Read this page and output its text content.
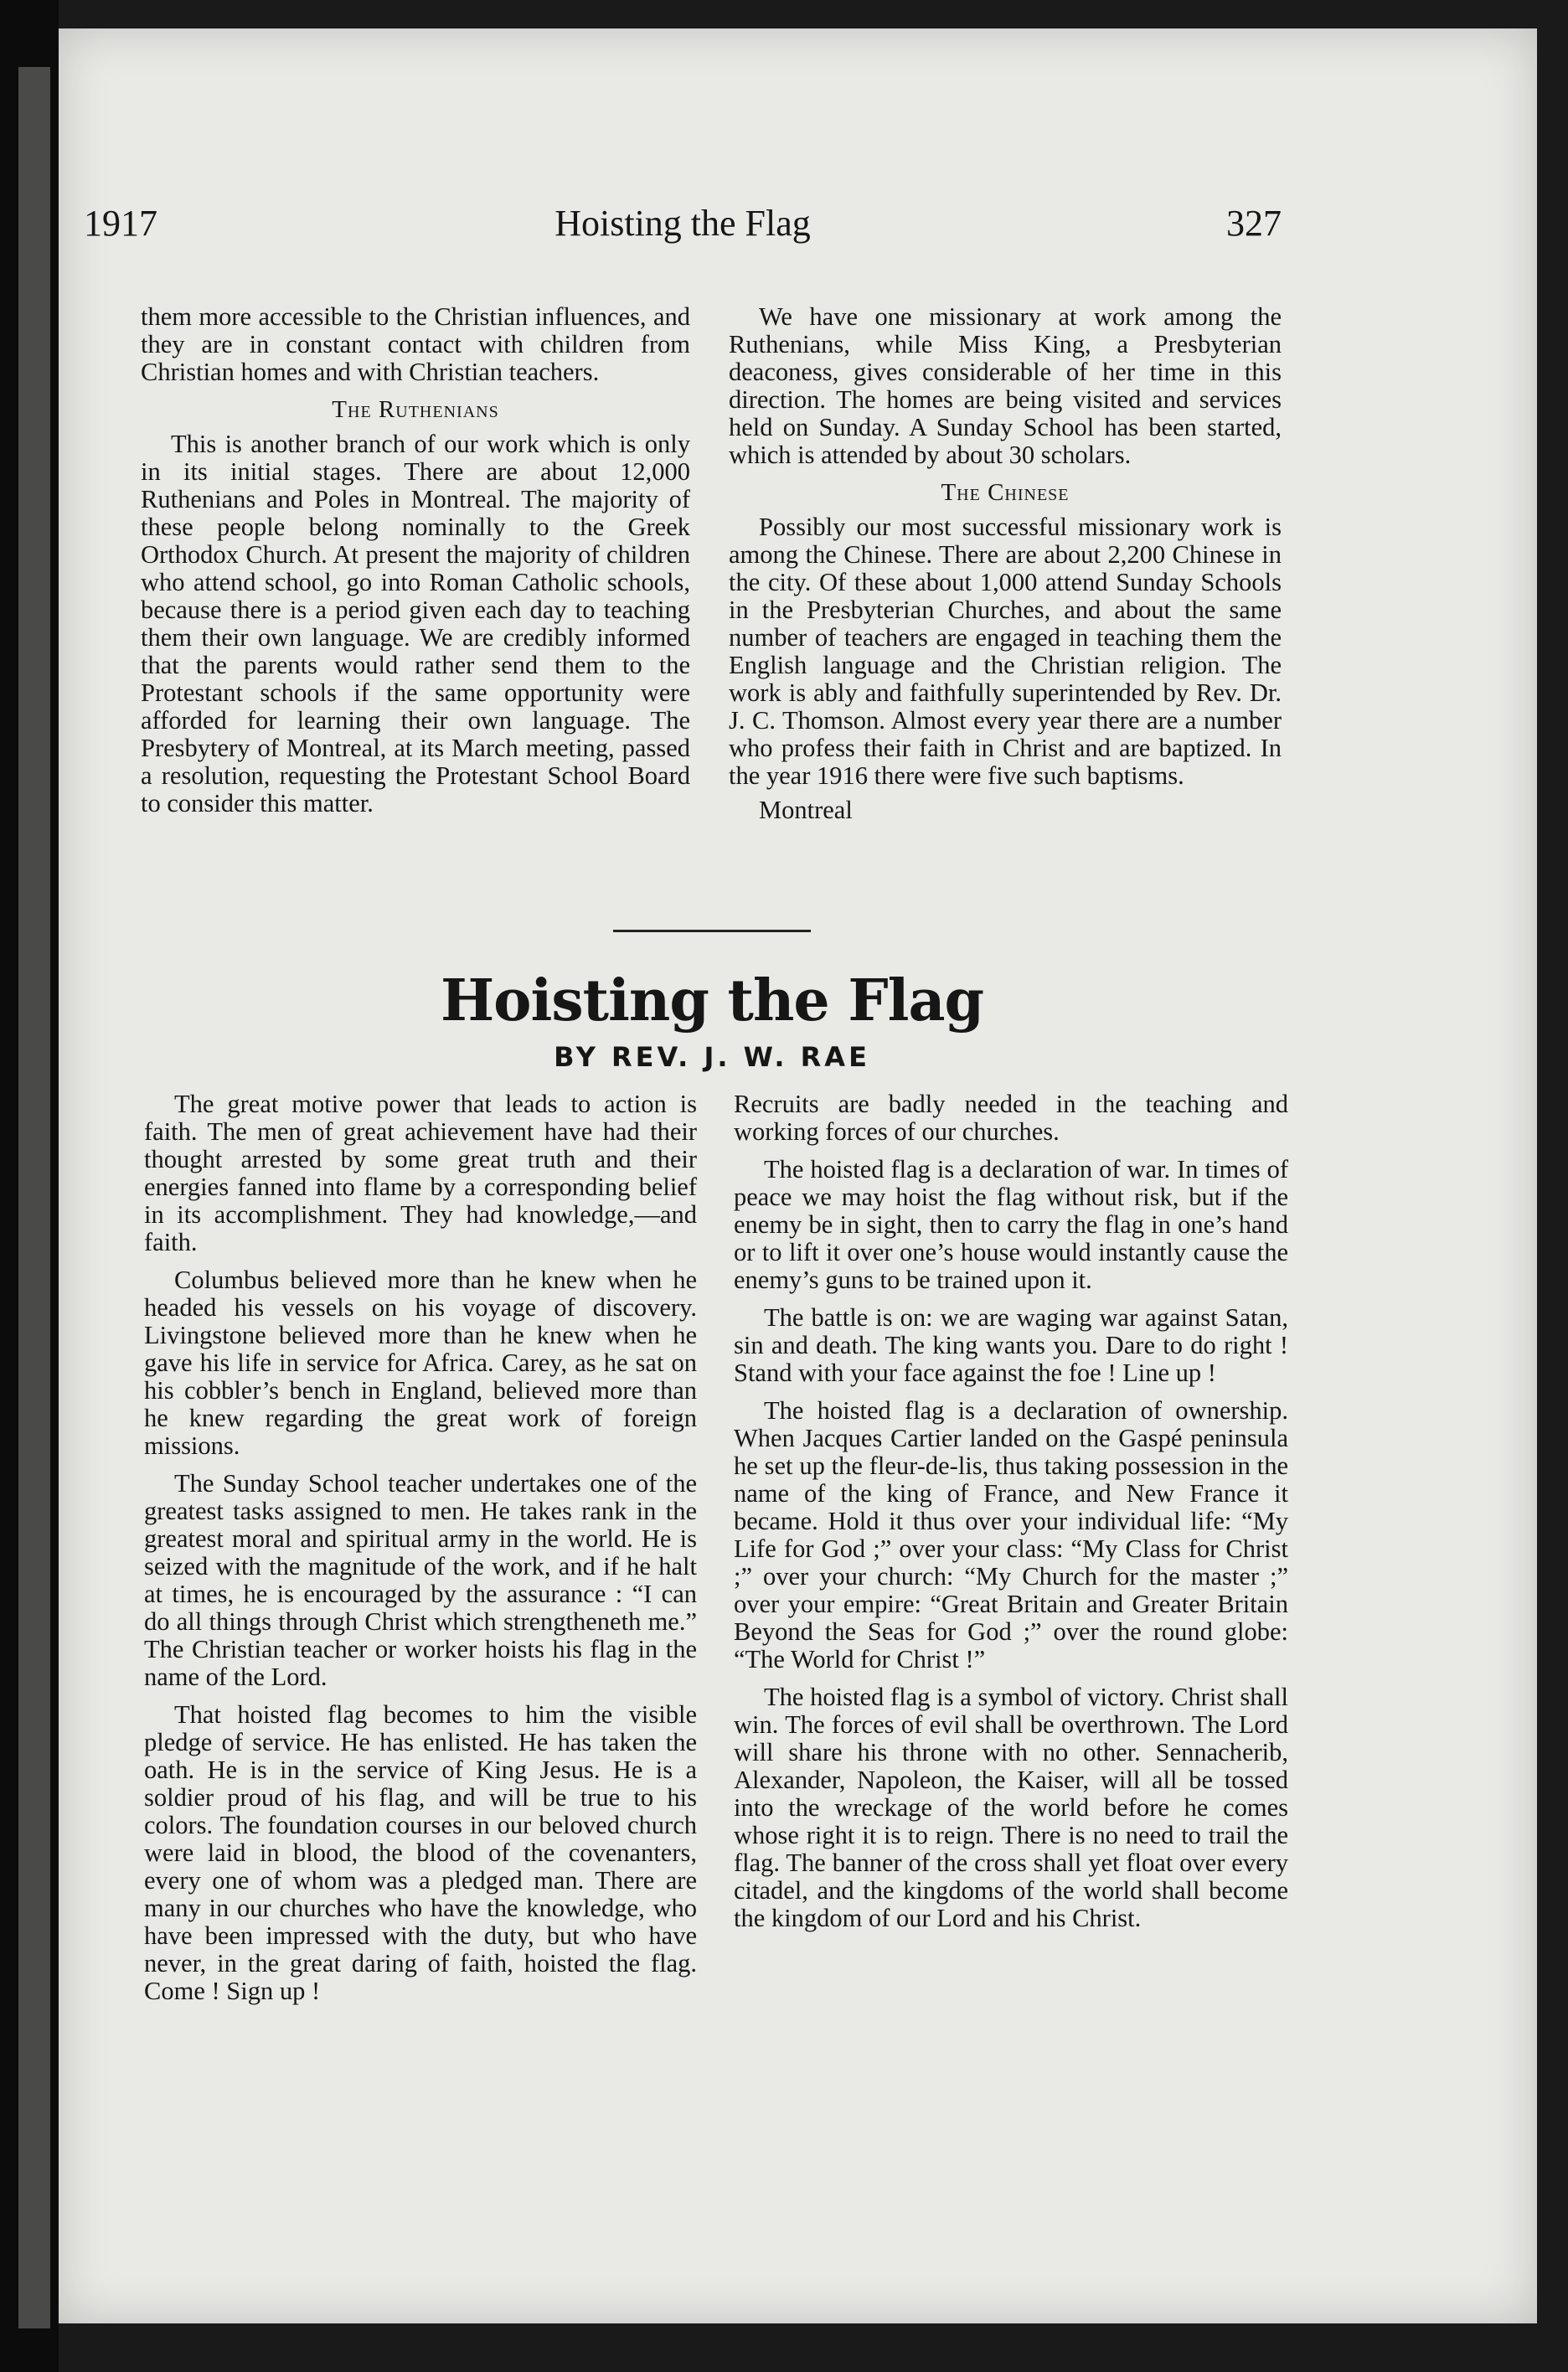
1917	Hoisting the Flag	327

them more accessible to the Christian influences, and they are in constant contact with children from Christian homes and with Christian teachers.

The Ruthenians

This is another branch of our work which is only in its initial stages. There are about 12,000 Ruthenians and Poles in Montreal. The majority of these people belong nominally to the Greek Orthodox Church. At present the majority of children who attend school, go into Roman Catholic schools, because there is a period given each day to teaching them their own language. We are credibly informed that the parents would rather send them to the Protestant schools if the same opportunity were afforded for learning their own language. The Presbytery of Montreal, at its March meeting, passed a resolution, requesting the Protestant School Board to consider this matter.

We have one missionary at work among the Ruthenians, while Miss King, a Presbyterian deaconess, gives considerable of her time in this direction. The homes are being visited and services held on Sunday. A Sunday School has been started, which is attended by about 30 scholars.

The Chinese

Possibly our most successful missionary work is among the Chinese. There are about 2,200 Chinese in the city. Of these about 1,000 attend Sunday Schools in the Presbyterian Churches, and about the same number of teachers are engaged in teaching them the English language and the Christian religion. The work is ably and faithfully superintended by Rev. Dr. J. C. Thomson. Almost every year there are a number who profess their faith in Christ and are baptized. In the year 1916 there were five such baptisms.

Montreal

Hoisting the Flag
BY REV. J. W. RAE

The great motive power that leads to action is faith. The men of great achievement have had their thought arrested by some great truth and their energies fanned into flame by a corresponding belief in its accomplishment. They had knowledge,—and faith.

Columbus believed more than he knew when he headed his vessels on his voyage of discovery. Livingstone believed more than he knew when he gave his life in service for Africa. Carey, as he sat on his cobbler’s bench in England, believed more than he knew regarding the great work of foreign missions.

The Sunday School teacher undertakes one of the greatest tasks assigned to men. He takes rank in the greatest moral and spiritual army in the world. He is seized with the magnitude of the work, and if he halt at times, he is encouraged by the assurance : “I can do all things through Christ which strengtheneth me.” The Christian teacher or worker hoists his flag in the name of the Lord.

That hoisted flag becomes to him the visible pledge of service. He has enlisted. He has taken the oath. He is in the service of King Jesus. He is a soldier proud of his flag, and will be true to his colors. The foundation courses in our beloved church were laid in blood, the blood of the covenanters, every one of whom was a pledged man. There are many in our churches who have the knowledge, who have been impressed with the duty, but who have never, in the great daring of faith, hoisted the flag. Come ! Sign up !

Recruits are badly needed in the teaching and working forces of our churches.

The hoisted flag is a declaration of war. In times of peace we may hoist the flag without risk, but if the enemy be in sight, then to carry the flag in one’s hand or to lift it over one’s house would instantly cause the enemy’s guns to be trained upon it.

The battle is on: we are waging war against Satan, sin and death. The king wants you. Dare to do right ! Stand with your face against the foe ! Line up !

The hoisted flag is a declaration of ownership. When Jacques Cartier landed on the Gaspé peninsula he set up the fleur-de-lis, thus taking possession in the name of the king of France, and New France it became. Hold it thus over your individual life: “My Life for God ;” over your class: “My Class for Christ ;” over your church: “My Church for the master ;” over your empire: “Great Britain and Greater Britain Beyond the Seas for God ;” over the round globe: “The World for Christ !”

The hoisted flag is a symbol of victory. Christ shall win. The forces of evil shall be overthrown. The Lord will share his throne with no other. Sennacherib, Alexander, Napoleon, the Kaiser, will all be tossed into the wreckage of the world before he comes whose right it is to reign. There is no need to trail the flag. The banner of the cross shall yet float over every citadel, and the kingdoms of the world shall become the kingdom of our Lord and his Christ.
